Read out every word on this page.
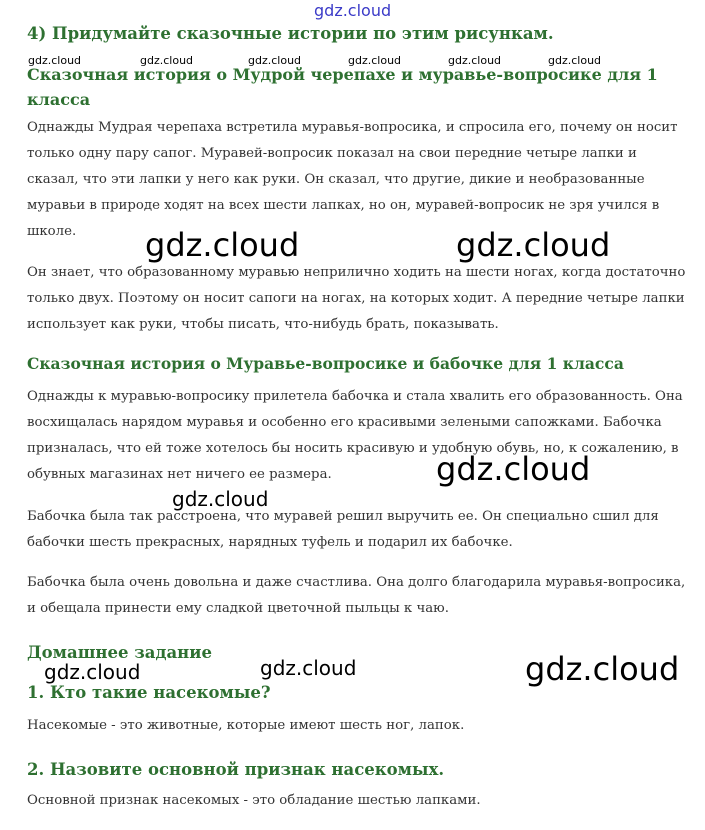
4) Придумайте сказочные истории по этим рисункам.
Сказочная история о Мудрой черепахе и муравье-вопросике для 1 класса

Однажды Мудрая черепаха встретила муравья-вопросика, и спросила его, почему он носит только одну пару сапог. Муравей-вопросик показал на свои передние четыре лапки и сказал, что эти лапки у него как руки. Он сказал, что другие, дикие и необразованные муравьи в природе ходят на всех шести лапках, но он, муравей-вопросик не зря учился в школе.

Он знает, что образованному муравью неприлично ходить на шести ногах, когда достаточно только двух. Поэтому он носит сапоги на ногах, на которых ходит. А передние четыре лапки использует как руки, чтобы писать, что-нибудь брать, показывать.

Сказочная история о Муравье-вопросике и бабочке для 1 класса

Однажды к муравью-вопросику прилетела бабочка и стала хвалить его образованность. Она восхищалась нарядом муравья и особенно его красивыми зелеными сапожками. Бабочка призналась, что ей тоже хотелось бы носить красивую и удобную обувь, но, к сожалению, в обувных магазинах нет ничего ее размера.

Бабочка была так расстроена, что муравей решил выручить ее. Он специально сшил для бабочки шесть прекрасных, нарядных туфель и подарил их бабочке.

Бабочка была очень довольна и даже счастлива. Она долго благодарила муравья-вопросика, и обещала принести ему сладкой цветочной пыльцы к чаю.

Домашнее задание
1. Кто такие насекомые?

Насекомые - это животные, которые имеют шесть ног, лапок.

2. Назовите основной признак насекомых.

Основной признак насекомых - это обладание шестью лапками.

gdz.cloud
gdz.cloud	gdz.cloud	gdz.cloud	gdz.cloud	gdz.cloud	gdz.cloud
gdz.cloud	gdz.cloud
gdz.cloud
gdz.cloud
gdz.cloud	gdz.cloud	gdz.cloud
